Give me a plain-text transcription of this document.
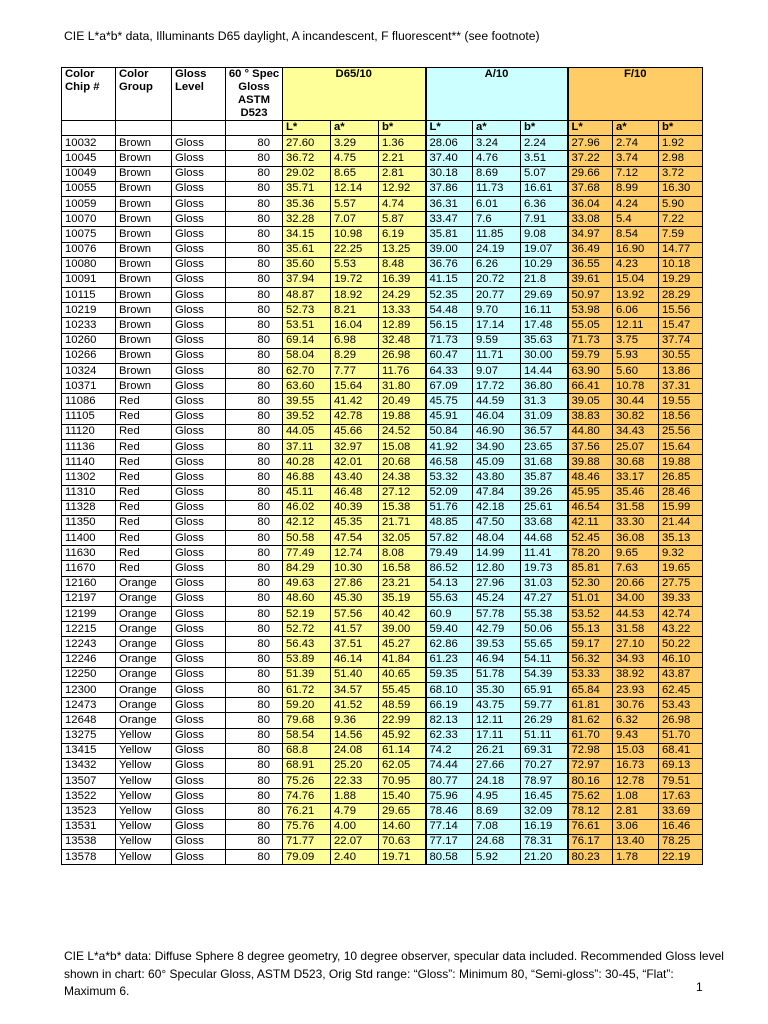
CIE L*a*b* data, Illuminants D65 daylight, A incandescent, F fluorescent** (see footnote)
Color Chip #	Color Group	Gloss Level	60 ° Spec Gloss ASTM D523	D65/10			A/10			F/10		
				L*	a*	b*	L*	a*	b*	L*	a*	b*
10032	Brown	Gloss	80	27.60	3.29	1.36	28.06	3.24	2.24	27.96	2.74	1.92
10045	Brown	Gloss	80	36.72	4.75	2.21	37.40	4.76	3.51	37.22	3.74	2.98
10049	Brown	Gloss	80	29.02	8.65	2.81	30.18	8.69	5.07	29.66	7.12	3.72
10055	Brown	Gloss	80	35.71	12.14	12.92	37.86	11.73	16.61	37.68	8.99	16.30
10059	Brown	Gloss	80	35.36	5.57	4.74	36.31	6.01	6.36	36.04	4.24	5.90
10070	Brown	Gloss	80	32.28	7.07	5.87	33.47	7.6	7.91	33.08	5.4	7.22
10075	Brown	Gloss	80	34.15	10.98	6.19	35.81	11.85	9.08	34.97	8.54	7.59
10076	Brown	Gloss	80	35.61	22.25	13.25	39.00	24.19	19.07	36.49	16.90	14.77
10080	Brown	Gloss	80	35.60	5.53	8.48	36.76	6.26	10.29	36.55	4.23	10.18
10091	Brown	Gloss	80	37.94	19.72	16.39	41.15	20.72	21.8	39.61	15.04	19.29
10115	Brown	Gloss	80	48.87	18.92	24.29	52.35	20.77	29.69	50.97	13.92	28.29
10219	Brown	Gloss	80	52.73	8.21	13.33	54.48	9.70	16.11	53.98	6.06	15.56
10233	Brown	Gloss	80	53.51	16.04	12.89	56.15	17.14	17.48	55.05	12.11	15.47
10260	Brown	Gloss	80	69.14	6.98	32.48	71.73	9.59	35.63	71.73	3.75	37.74
10266	Brown	Gloss	80	58.04	8.29	26.98	60.47	11.71	30.00	59.79	5.93	30.55
10324	Brown	Gloss	80	62.70	7.77	11.76	64.33	9.07	14.44	63.90	5.60	13.86
10371	Brown	Gloss	80	63.60	15.64	31.80	67.09	17.72	36.80	66.41	10.78	37.31
11086	Red	Gloss	80	39.55	41.42	20.49	45.75	44.59	31.3	39.05	30.44	19.55
11105	Red	Gloss	80	39.52	42.78	19.88	45.91	46.04	31.09	38.83	30.82	18.56
11120	Red	Gloss	80	44.05	45.66	24.52	50.84	46.90	36.57	44.80	34.43	25.56
11136	Red	Gloss	80	37.11	32.97	15.08	41.92	34.90	23.65	37.56	25.07	15.64
11140	Red	Gloss	80	40.28	42.01	20.68	46.58	45.09	31.68	39.88	30.68	19.88
11302	Red	Gloss	80	46.88	43.40	24.38	53.32	43.80	35.87	48.46	33.17	26.85
11310	Red	Gloss	80	45.11	46.48	27.12	52.09	47.84	39.26	45.95	35.46	28.46
11328	Red	Gloss	80	46.02	40.39	15.38	51.76	42.18	25.61	46.54	31.58	15.99
11350	Red	Gloss	80	42.12	45.35	21.71	48.85	47.50	33.68	42.11	33.30	21.44
11400	Red	Gloss	80	50.58	47.54	32.05	57.82	48.04	44.68	52.45	36.08	35.13
11630	Red	Gloss	80	77.49	12.74	8.08	79.49	14.99	11.41	78.20	9.65	9.32
11670	Red	Gloss	80	84.29	10.30	16.58	86.52	12.80	19.73	85.81	7.63	19.65
12160	Orange	Gloss	80	49.63	27.86	23.21	54.13	27.96	31.03	52.30	20.66	27.75
12197	Orange	Gloss	80	48.60	45.30	35.19	55.63	45.24	47.27	51.01	34.00	39.33
12199	Orange	Gloss	80	52.19	57.56	40.42	60.9	57.78	55.38	53.52	44.53	42.74
12215	Orange	Gloss	80	52.72	41.57	39.00	59.40	42.79	50.06	55.13	31.58	43.22
12243	Orange	Gloss	80	56.43	37.51	45.27	62.86	39.53	55.65	59.17	27.10	50.22
12246	Orange	Gloss	80	53.89	46.14	41.84	61.23	46.94	54.11	56.32	34.93	46.10
12250	Orange	Gloss	80	51.39	51.40	40.65	59.35	51.78	54.39	53.33	38.92	43.87
12300	Orange	Gloss	80	61.72	34.57	55.45	68.10	35.30	65.91	65.84	23.93	62.45
12473	Orange	Gloss	80	59.20	41.52	48.59	66.19	43.75	59.77	61.81	30.76	53.43
12648	Orange	Gloss	80	79.68	9.36	22.99	82.13	12.11	26.29	81.62	6.32	26.98
13275	Yellow	Gloss	80	58.54	14.56	45.92	62.33	17.11	51.11	61.70	9.43	51.70
13415	Yellow	Gloss	80	68.8	24.08	61.14	74.2	26.21	69.31	72.98	15.03	68.41
13432	Yellow	Gloss	80	68.91	25.20	62.05	74.44	27.66	70.27	72.97	16.73	69.13
13507	Yellow	Gloss	80	75.26	22.33	70.95	80.77	24.18	78.97	80.16	12.78	79.51
13522	Yellow	Gloss	80	74.76	1.88	15.40	75.96	4.95	16.45	75.62	1.08	17.63
13523	Yellow	Gloss	80	76.21	4.79	29.65	78.46	8.69	32.09	78.12	2.81	33.69
13531	Yellow	Gloss	80	75.76	4.00	14.60	77.14	7.08	16.19	76.61	3.06	16.46
13538	Yellow	Gloss	80	71.77	22.07	70.63	77.17	24.68	78.31	76.17	13.40	78.25
13578	Yellow	Gloss	80	79.09	2.40	19.71	80.58	5.92	21.20	80.23	1.78	22.19
CIE L*a*b* data: Diffuse Sphere 8 degree geometry, 10 degree observer, specular data included. Recommended Gloss level shown in chart: 60° Specular Gloss, ASTM D523, Orig Std range: “Gloss”: Minimum 80, “Semi-gloss”: 30-45, “Flat”: Maximum 6.	1
